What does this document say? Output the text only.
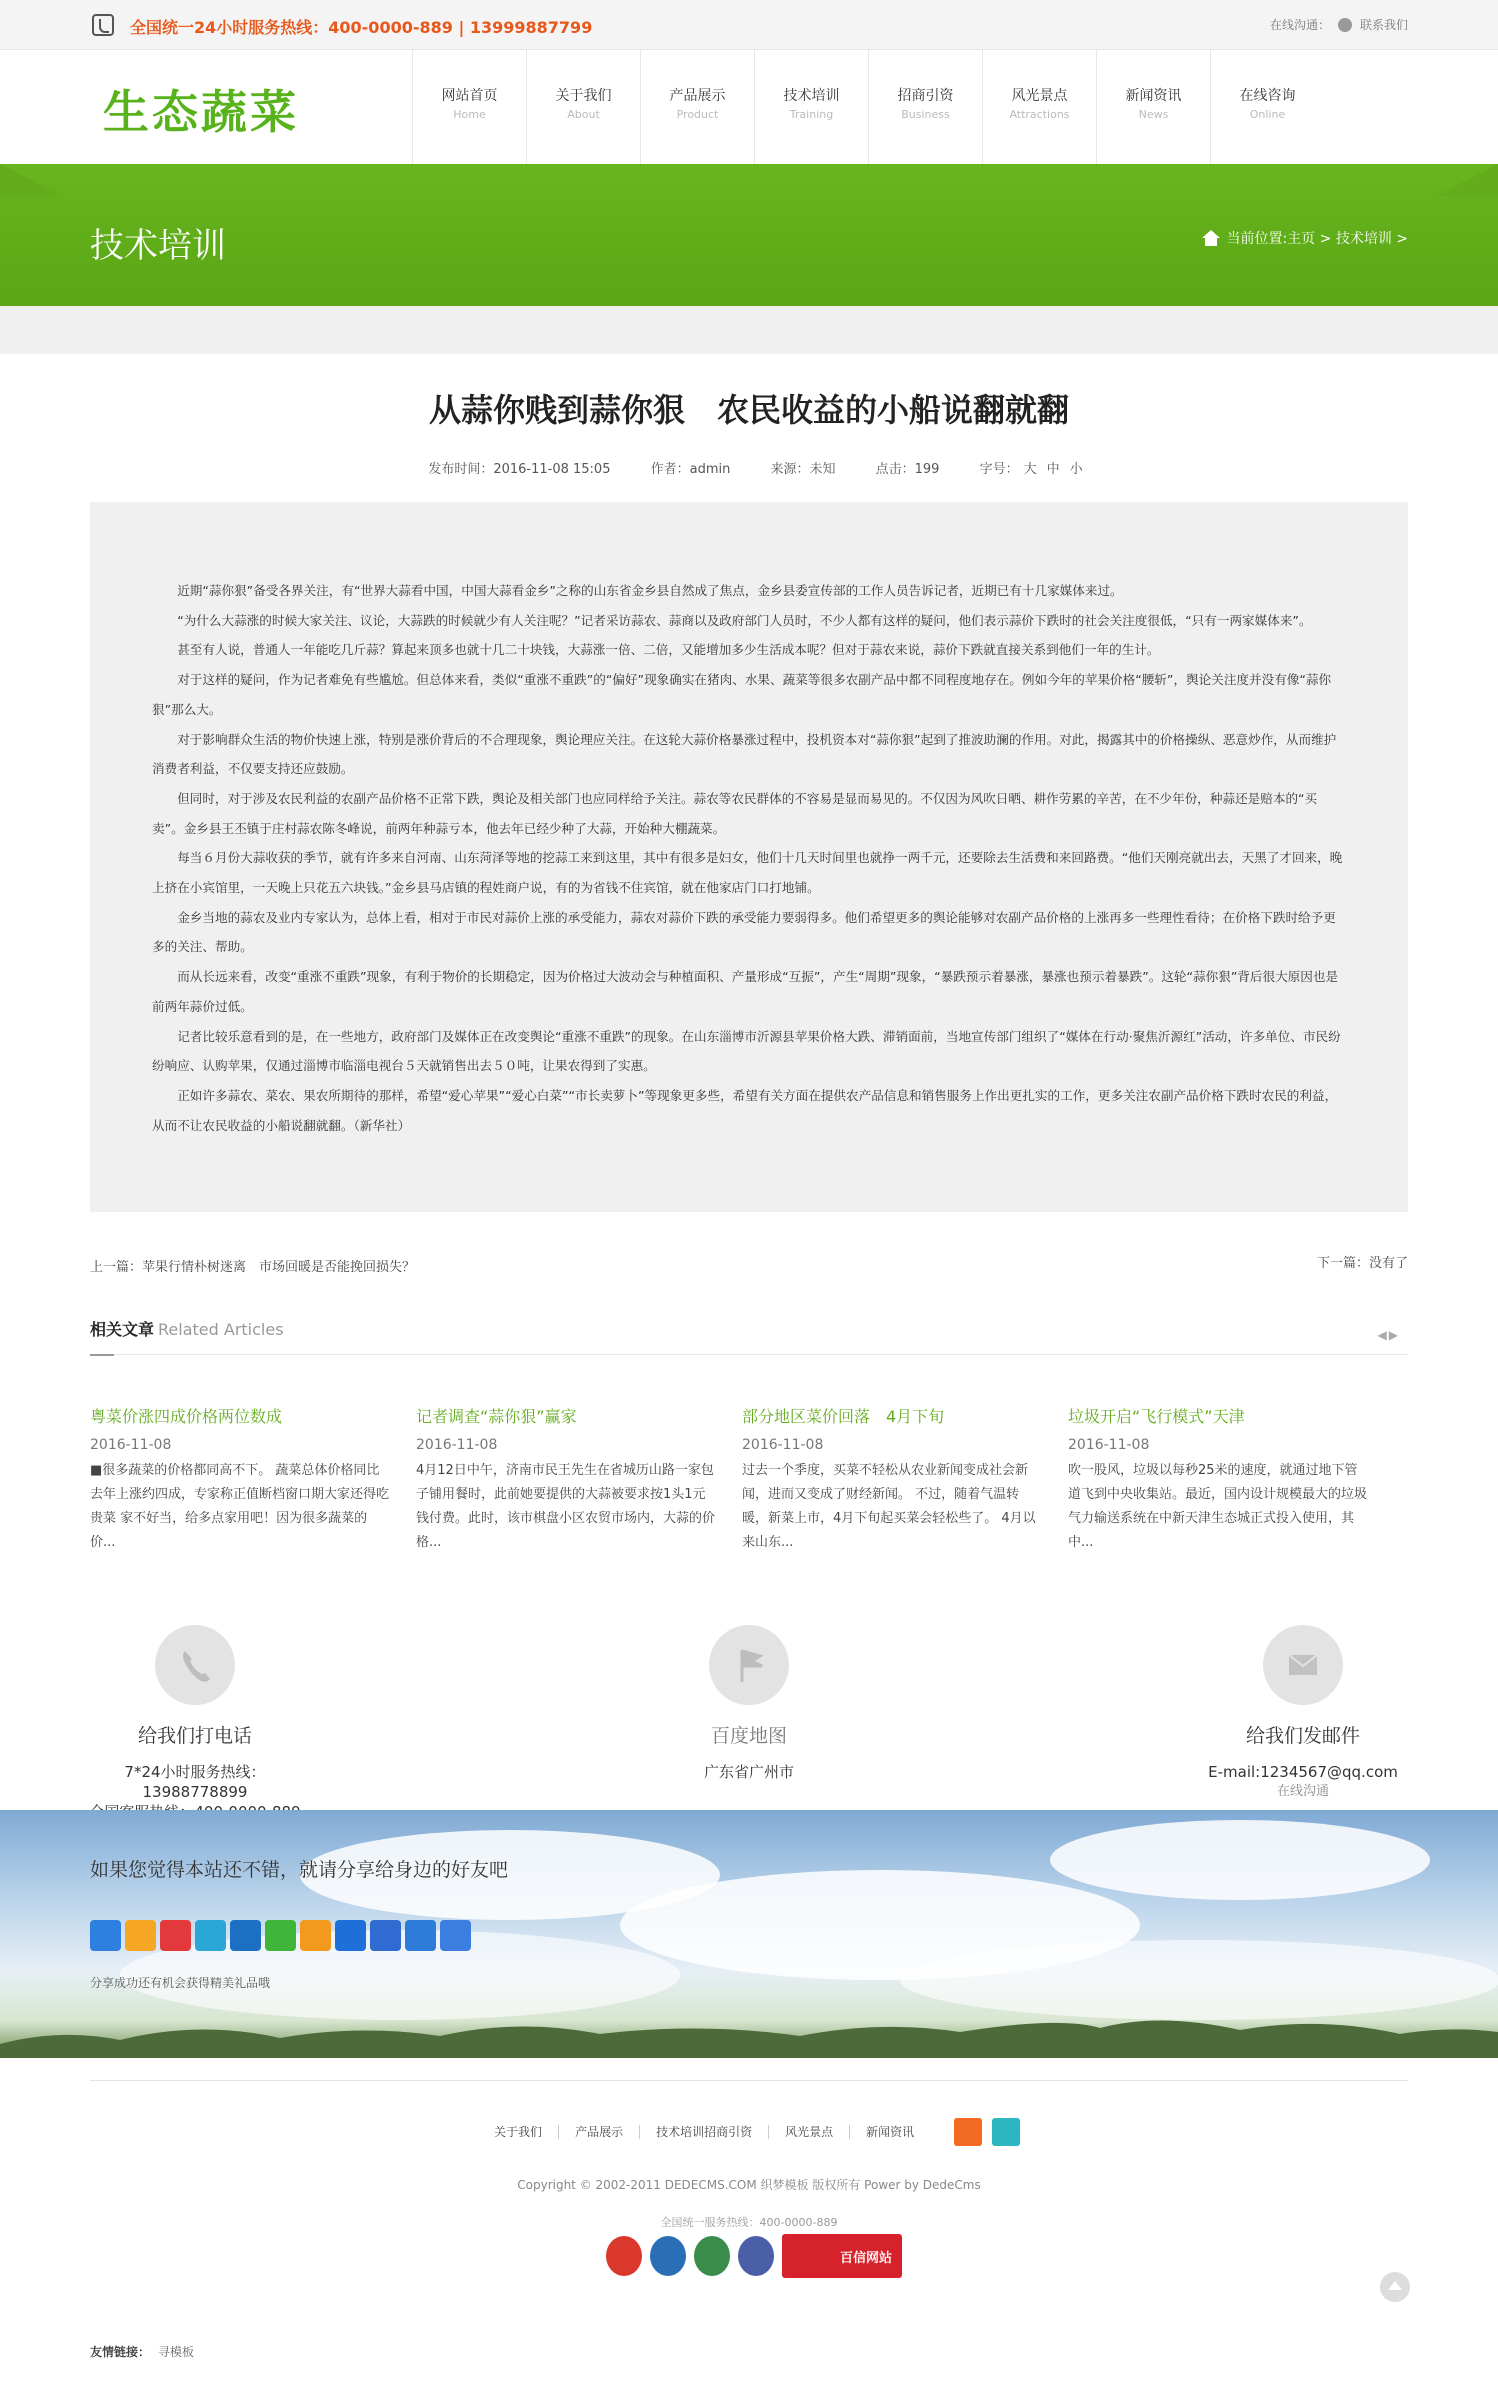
全国统一24小时服务热线：400-0000-889 | 13999887799	在线沟通：	联系我们
生态蔬菜	网站首页
Home
关于我们
About
产品展示
Product
技术培训
Training
招商引资
Business
风光景点
Attractions
新闻资讯
News
在线咨询
Online
技术培训	当前位置:主页 > 技术培训 >
从蒜你贱到蒜你狠　农民收益的小船说翻就翻
发布时间：2016-11-08 15:05	作者：admin	来源：未知	点击：199	字号： 大 中 小

近期“蒜你狠”备受各界关注，有“世界大蒜看中国，中国大蒜看金乡”之称的山东省金乡县自然成了焦点，金乡县委宣传部的工作人员告诉记者，近期已有十几家媒体来过。

“为什么大蒜涨的时候大家关注、议论，大蒜跌的时候就少有人关注呢？”记者采访蒜农、蒜商以及政府部门人员时，不少人都有这样的疑问，他们表示蒜价下跌时的社会关注度很低，“只有一两家媒体来”。

甚至有人说，普通人一年能吃几斤蒜？算起来顶多也就十几二十块钱，大蒜涨一倍、二倍，又能增加多少生活成本呢？但对于蒜农来说，蒜价下跌就直接关系到他们一年的生计。

对于这样的疑问，作为记者难免有些尴尬。但总体来看，类似“重涨不重跌”的“偏好”现象确实在猪肉、水果、蔬菜等很多农副产品中都不同程度地存在。例如今年的苹果价格“腰斩”，舆论关注度并没有像“蒜你狠”那么大。

对于影响群众生活的物价快速上涨，特别是涨价背后的不合理现象，舆论理应关注。在这轮大蒜价格暴涨过程中，投机资本对“蒜你狠”起到了推波助澜的作用。对此，揭露其中的价格操纵、恶意炒作，从而维护消费者利益，不仅要支持还应鼓励。

但同时，对于涉及农民利益的农副产品价格不正常下跌，舆论及相关部门也应同样给予关注。蒜农等农民群体的不容易是显而易见的。不仅因为风吹日晒、耕作劳累的辛苦，在不少年份，种蒜还是赔本的“买卖”。金乡县王丕镇于庄村蒜农陈冬峰说，前两年种蒜亏本，他去年已经少种了大蒜，开始种大棚蔬菜。

每当６月份大蒜收获的季节，就有许多来自河南、山东菏泽等地的挖蒜工来到这里，其中有很多是妇女，他们十几天时间里也就挣一两千元，还要除去生活费和来回路费。“他们天刚亮就出去，天黑了才回来，晚上挤在小宾馆里，一天晚上只花五六块钱。”金乡县马店镇的程姓商户说，有的为省钱不住宾馆，就在他家店门口打地铺。

金乡当地的蒜农及业内专家认为，总体上看，相对于市民对蒜价上涨的承受能力，蒜农对蒜价下跌的承受能力要弱得多。他们希望更多的舆论能够对农副产品价格的上涨再多一些理性看待；在价格下跌时给予更多的关注、帮助。

而从长远来看，改变“重涨不重跌”现象，有利于物价的长期稳定，因为价格过大波动会与种植面积、产量形成“互振”，产生“周期”现象，“暴跌预示着暴涨，暴涨也预示着暴跌”。这轮“蒜你狠”背后很大原因也是前两年蒜价过低。

记者比较乐意看到的是，在一些地方，政府部门及媒体正在改变舆论“重涨不重跌”的现象。在山东淄博市沂源县苹果价格大跌、滞销面前，当地宣传部门组织了“媒体在行动·聚焦沂源红”活动，许多单位、市民纷纷响应、认购苹果，仅通过淄博市临淄电视台５天就销售出去５０吨，让果农得到了实惠。

正如许多蒜农、菜农、果农所期待的那样，希望“爱心苹果”“爱心白菜”“市长卖萝卜”等现象更多些，希望有关方面在提供农产品信息和销售服务上作出更扎实的工作，更多关注农副产品价格下跌时农民的利益，从而不让农民收益的小船说翻就翻。（新华社）

上一篇：苹果行情朴树迷离　市场回暖是否能挽回损失？	下一篇：没有了
相关文章 Related Articles	◀▶
粤菜价涨四成价格两位数成
2016-11-08
■很多蔬菜的价格都同高不下。 蔬菜总体价格同比去年上涨约四成，专家称正值断档窗口期大家还得吃贵菜 家不好当，给多点家用吧！因为很多蔬菜的价...
记者调查“蒜你狠”赢家
2016-11-08
4月12日中午，济南市民王先生在省城历山路一家包子铺用餐时，此前她要提供的大蒜被要求按1头1元钱付费。此时，该市棋盘小区农贸市场内，大蒜的价格...
部分地区菜价回落　4月下旬
2016-11-08
过去一个季度，买菜不轻松从农业新闻变成社会新闻，进而又变成了财经新闻。 不过，随着气温转暖，新菜上市，4月下旬起买菜会轻松些了。 4月以来山东...
垃圾开启“飞行模式”天津
2016-11-08
吹一股风，垃圾以每秒25米的速度，就通过地下管道飞到中央收集站。最近，国内设计规模最大的垃圾气力输送系统在中新天津生态城正式投入使用，其中...
给我们打电话
7*24小时服务热线：13988778899
百度地图
广东省广州市
给我们发邮件
E-mail:1234567@qq.com
在线沟通
如果您觉得本站还不错，就请分享给身边的好友吧
分享成功还有机会获得精美礼品哦
关于我们	产品展示	技术培训招商引资	风光景点	新闻资讯
Copyright © 2002-2011 DEDECMS.COM 织梦模板 版权所有 Power by DedeCms
全国统一服务热线：400-0000-889
百信网站
友情链接： 寻模板
